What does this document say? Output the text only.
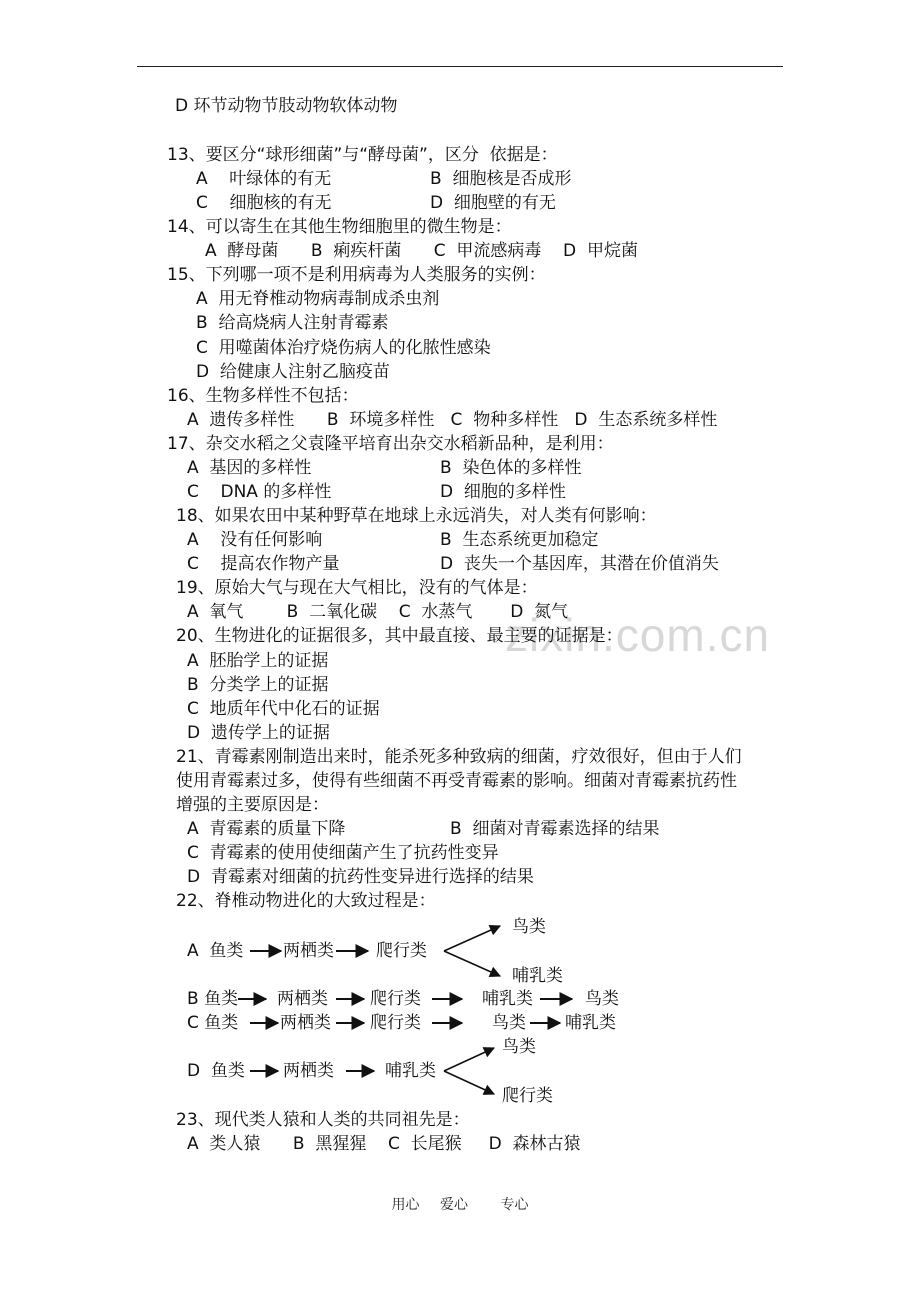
D 环节动物节肢动物软体动物
13、要区分“球形细菌”与“酵母菌”，区分  依据是：
A    叶绿体的有无	B  细胞核是否成形
C    细胞核的有无	D  细胞壁的有无
14、可以寄生在其他生物细胞里的微生物是：
A  酵母菌      B  痢疾杆菌      C  甲流感病毒    D  甲烷菌
15、下列哪一项不是利用病毒为人类服务的实例：
A  用无脊椎动物病毒制成杀虫剂
B  给高烧病人注射青霉素
C  用噬菌体治疗烧伤病人的化脓性感染
D  给健康人注射乙脑疫苗
16、生物多样性不包括：
A  遗传多样性      B  环境多样性   C  物种多样性   D  生态系统多样性
17、杂交水稻之父袁隆平培育出杂交水稻新品种，是利用：
A  基因的多样性	B  染色体的多样性
C    DNA 的多样性	D  细胞的多样性
18、如果农田中某种野草在地球上永远消失，对人类有何影响：
A    没有任何影响	B  生态系统更加稳定
C    提高农作物产量	D  丧失一个基因库，其潜在价值消失
19、原始大气与现在大气相比，没有的气体是：
A  氧气        B  二氧化碳    C  水蒸气       D  氮气
zixin.com.cn
20、生物进化的证据很多，其中最直接、最主要的证据是：
A  胚胎学上的证据
B  分类学上的证据
C  地质年代中化石的证据
D  遗传学上的证据
21、青霉素刚制造出来时，能杀死多种致病的细菌，疗效很好，但由于人们
使用青霉素过多，使得有些细菌不再受青霉素的影响。细菌对青霉素抗药性
增强的主要原因是：
A  青霉素的质量下降	B  细菌对青霉素选择的结果
C  青霉素的使用使细菌产生了抗药性变异
D  青霉素对细菌的抗药性变异进行选择的结果
22、脊椎动物进化的大致过程是：
A  鱼类 两栖类 爬行类
鸟类
哺乳类
B 鱼类 两栖类 爬行类	哺乳类	鸟类
C 鱼类 两栖类 爬行类	鸟类 哺乳类
D  鱼类 两栖类	哺乳类
鸟类
爬行类
23、现代类人猿和人类的共同祖先是：
A  类人猿      B  黑猩猩    C  长尾猴     D  森林古猿
用心 爱心 专心
